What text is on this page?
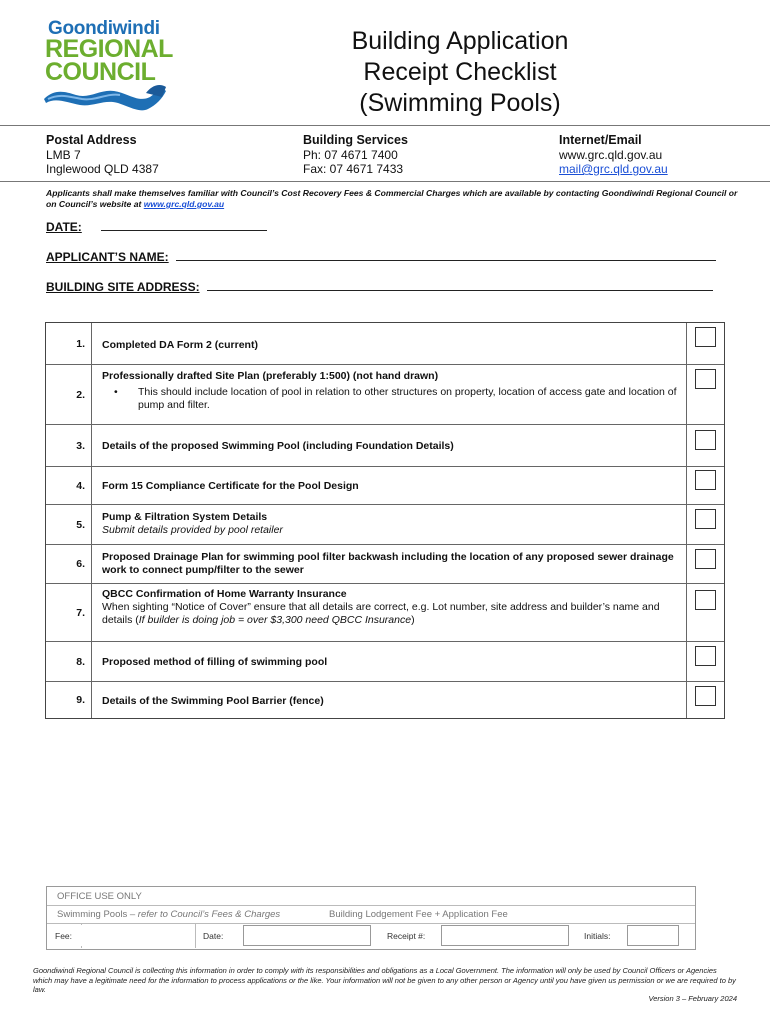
Goondiwindi
REGIONAL
COUNCIL
Building Application
Receipt Checklist
(Swimming Pools)
Postal Address
LMB 7
Inglewood QLD 4387
Building Services
Ph: 07 4671 7400
Fax: 07 4671 7433
Internet/Email
www.grc.qld.gov.au
mail@grc.qld.gov.au
Applicants shall make themselves familiar with Council’s Cost Recovery Fees & Commercial Charges which are available by contacting Goondiwindi Regional Council or on Council’s website at www.grc.qld.gov.au
DATE:
APPLICANT’S NAME:
BUILDING SITE ADDRESS:
1.	Completed DA Form 2 (current)
2.
Professionally drafted Site Plan (preferably 1:500) (not hand drawn)
• This should include location of pool in relation to other structures on property, location of access gate and location of pump and filter.
3.	Details of the proposed Swimming Pool (including Foundation Details)
4.	Form 15 Compliance Certificate for the Pool Design
5.
Pump & Filtration System Details
Submit details provided by pool retailer
6.
Proposed Drainage Plan for swimming pool filter backwash including the location of any proposed sewer drainage work to connect pump/filter to the sewer
7.
QBCC Confirmation of Home Warranty Insurance
When sighting “Notice of Cover” ensure that all details are correct, e.g. Lot number, site address and builder’s name and details (If builder is doing job = over $3,300 need QBCC Insurance)
8.	Proposed method of filling of swimming pool
9.	Details of the Swimming Pool Barrier (fence)
OFFICE USE ONLY
Swimming Pools – refer to Council’s Fees & Charges	Building Lodgement Fee + Application Fee
Fee:	Date:	Receipt #:	Initials:
Goondiwindi Regional Council is collecting this information in order to comply with its responsibilities and obligations as a Local Government. The information will only be used by Council Officers or Agencies which may have a legitimate need for the information to process applications or the like. Your information will not be given to any other person or Agency until you have given us permission or we are required to by law.
Version 3 – February 2024
